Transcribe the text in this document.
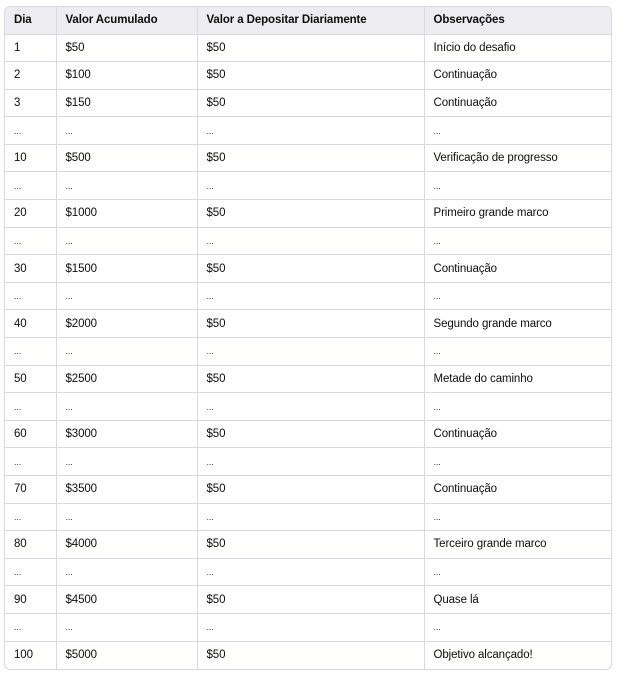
Dia	Valor Acumulado	Valor a Depositar Diariamente	Observações
1	$50	$50	Início do desafio
2	$100	$50	Continuação
3	$150	$50	Continuação
...	...	...	...
10	$500	$50	Verificação de progresso
...	...	...	...
20	$1000	$50	Primeiro grande marco
...	...	...	...
30	$1500	$50	Continuação
...	...	...	...
40	$2000	$50	Segundo grande marco
...	...	...	...
50	$2500	$50	Metade do caminho
...	...	...	...
60	$3000	$50	Continuação
...	...	...	...
70	$3500	$50	Continuação
...	...	...	...
80	$4000	$50	Terceiro grande marco
...	...	...	...
90	$4500	$50	Quase lá
...	...	...	...
100	$5000	$50	Objetivo alcançado!
